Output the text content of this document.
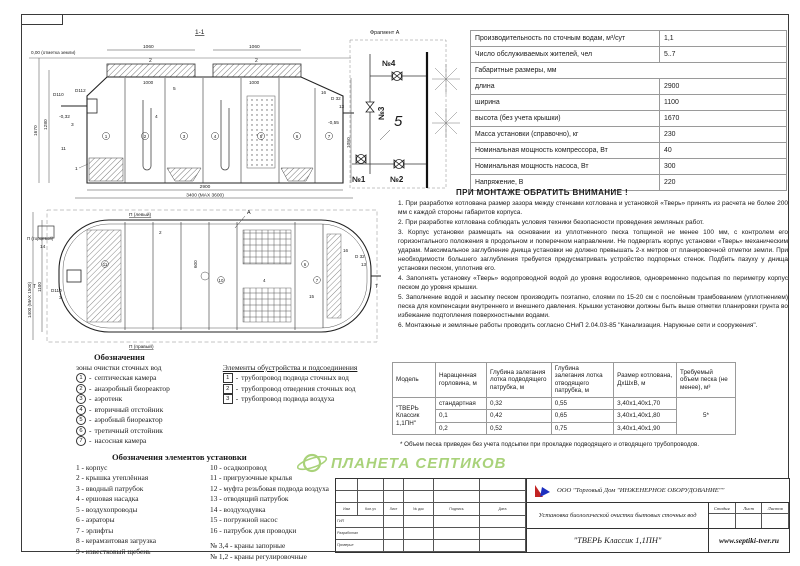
1-1
0,00 (отметка земли)
1060	1060
2	2
1000	1000
D110
D112
-0,32
3
D 32
13
16
-0,55
1	2	3	4	5	6	7
1
5
4
11
1670
1280
1050
2900
3400 (MAX 3600)
Фрагмент А
№4
№3
№1	№2
5
14
D110
3
D 32
13
16
П (левый)
П (правый)
П (торцевой)
А
Т	Т
1400 (MAX 1500) 1100
600
11
10
6
7
2
4
15
Производительность по сточным водам, м³/сут	1,1
Число обслуживаемых жителей, чел	5..7
Габаритные размеры, мм	
длина	2900
ширина	1100
высота (без учета крышки)	1670
Масса установки (справочно), кг	230
Номинальная мощность компрессора, Вт	40
Номинальная мощность насоса, Вт	300
Напряжение, В	220
ПРИ МОНТАЖЕ ОБРАТИТЬ ВНИМАНИЕ !

1. При разработке котлована размер зазора между стенками котлована и установкой «Тверь» принять из расчета не более 200 мм с каждой стороны габаритов корпуса.

2. При разработке котлована соблюдать условия техники безопасности проведения земляных работ.

3. Корпус установки размещать на основании из уплотненного песка толщиной не менее 100 мм, с контролем его горизонтального положения в продольном и поперечном направлении. Не подвергать корпус установки «Тверь» механическим ударам. Максимальное заглубление днища установки не должно превышать 2-х метров от планировочной отметки земли. При необходимости большего заглубления требуется предусматривать устройство подпорных стенок. Подбить пазуху у днища установки песком, уплотнив его.

4. Заполнять установку «Тверь» водопроводной водой до уровня водосливов, одновременно подсыпая по периметру корпус песком до уровня крышки.

5. Заполнение водой и засыпку песком производить поэтапно, слоями по 15-20 см с послойным трамбованием (уплотнением) песка для компенсации внутреннего и внешнего давления. Крышки установки должны быть выше отметки планировки грунта во избежание подтопления поверхностными водами.

6. Монтажные и земляные работы проводить согласно СНиП 2.04.03-85 "Канализация. Наружные сети и сооружения".

Модель	Наращенная горловина, м	Глубина залегания лотка подводящего патрубка, м	Глубина залегания лотка отводящего патрубка, м	Размер котлована, ДхШхВ, м	Требуемый объем песка (не менее), м³
"ТВЕРЬ Классик 1,1ПН"	стандартная	0,32	0,55	3,40х1,40х1,70	5*
	0,1	0,42	0,65	3,40х1,40х1,80	
	0,2	0,52	0,75	3,40х1,40х1,90	
* Объем песка приведен без учета подсыпки при прокладке подводящего и отводящего трубопроводов.
Обозначения
зоны очистки сточных вод
1 - септическая камера
2 - анаэробный биореактор
3 - аэротенк
4 - вторичный отстойник
5 - аэробный биореактор
6 - третичный отстойник
7 - насосная камера
Элементы обустройства и подсоединения
1 - трубопровод подвода сточных вод
2 - трубопровод отведения сточных вод
3 - трубопровод подвода воздуха
Обозначения элементов установки
1 - корпус
2 - крышка утеплённая
3 - вводный патрубок
4 - ершовая насадка
5 - воздухопроводы
6 - аэраторы
7 - эрлифты
8 - керамзитовая загрузка
9 - известковый щебень
10 - осадкопровод
11 - пригрузочные крылья
12 - муфта резьбовая подвода воздуха
13 - отводящий патрубок
14 - воздуходувка
15 - погружной насос
16 - патрубок для проводки
№ 3,4 - краны запорные
№ 1,2 - краны регулировочные
Изм	Кол.уч	Лист	№ док	Подпись	Дата
ГИП
Разработал
Проверил
ООО "Торговый Дом "ИНЖЕНЕРНОЕ ОБОРУДОВАНИЕ""
Установка биологической очистки бытовых сточных вод
Стадия	Лист	Листов
"ТВЕРЬ Классик 1,1ПН"	www.septiki-tver.ru
ПЛАНЕТА СЕПТИКОВ
